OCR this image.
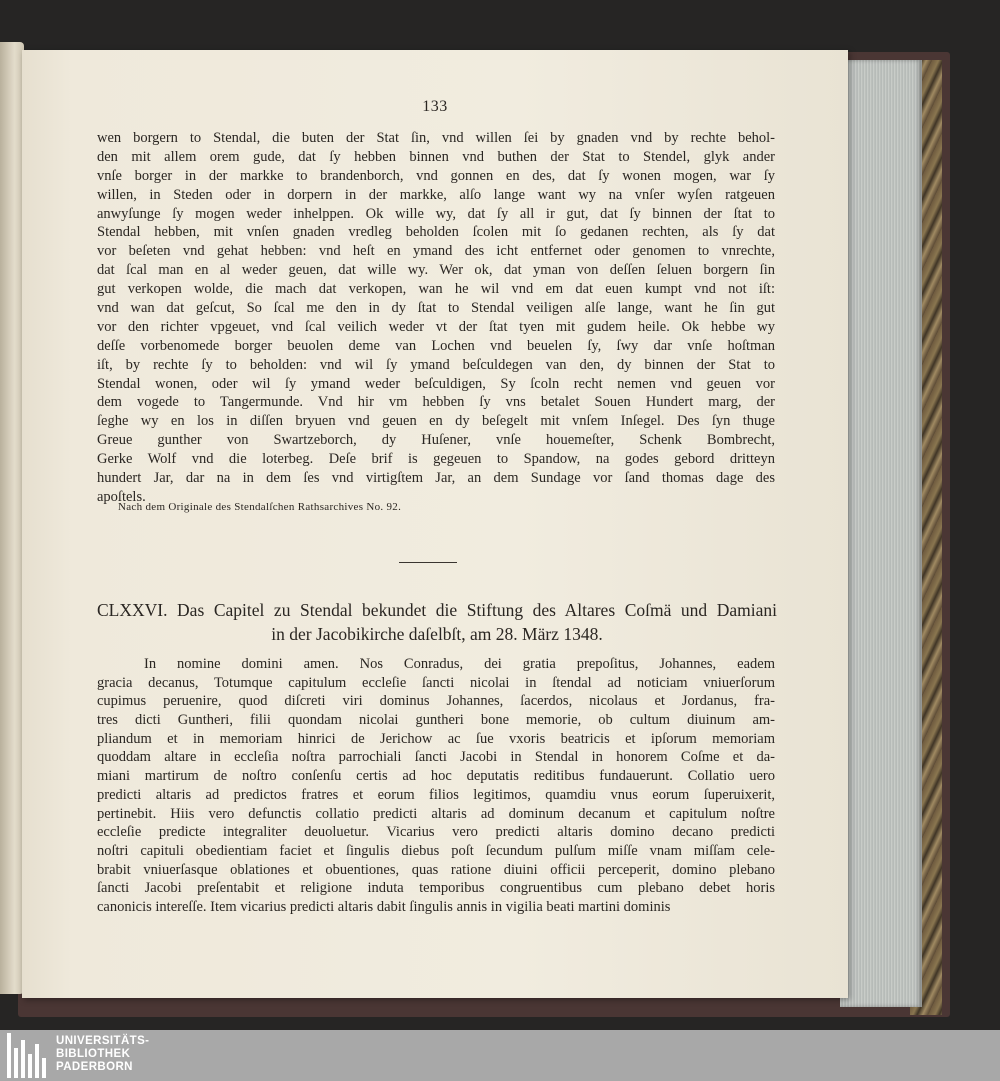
133
wen borgern to Stendal, die buten der Stat ſin, vnd willen ſei by gnaden vnd by rechte behol-
den mit allem orem gude, dat ſy hebben binnen vnd buthen der Stat to Stendel, glyk ander
vnſe borger in der markke to brandenborch, vnd gonnen en des, dat ſy wonen mogen, war ſy
willen, in Steden oder in dorpern in der markke, alſo lange want wy na vnſer wyſen ratgeuen
anwyſunge ſy mogen weder inhelppen. Ok wille wy, dat ſy all ir gut, dat ſy binnen der ſtat to
Stendal hebben, mit vnſen gnaden vredleg beholden ſcolen mit ſo gedanen rechten, als ſy dat
vor beſeten vnd gehat hebben: vnd heſt en ymand des icht entfernet oder genomen to vnrechte,
dat ſcal man en al weder geuen, dat wille wy. Wer ok, dat yman von deſſen ſeluen borgern ſin
gut verkopen wolde, die mach dat verkopen, wan he wil vnd em dat euen kumpt vnd not iſt:
vnd wan dat geſcut, So ſcal me den in dy ſtat to Stendal veiligen alſe lange, want he ſin gut
vor den richter vpgeuet, vnd ſcal veilich weder vt der ſtat tyen mit gudem heile. Ok hebbe wy
deſſe vorbenomede borger beuolen deme van Lochen vnd beuelen ſy, ſwy dar vnſe hoſtman
iſt, by rechte ſy to beholden: vnd wil ſy ymand beſculdegen van den, dy binnen der Stat to
Stendal wonen, oder wil ſy ymand weder beſculdigen, Sy ſcoln recht nemen vnd geuen vor
dem vogede to Tangermunde. Vnd hir vm hebben ſy vns betalet Souen Hundert marg, der
ſeghe wy en los in diſſen bryuen vnd geuen en dy beſegelt mit vnſem Inſegel. Des ſyn thuge
Greue gunther von Swartzeborch, dy Huſener, vnſe houemeſter, Schenk Bombrecht,
Gerke Wolf vnd die loterbeg. Deſe brif is gegeuen to Spandow, na godes gebord dritteyn
hundert Jar, dar na in dem ſes vnd virtigſtem Jar, an dem Sundage vor ſand thomas dage des
apoſtels.
Nach dem Originale des Stendalſchen Rathsarchives No. 92.
CLXXVI. Das Capitel zu Stendal bekundet die Stiftung des Altares Coſmä und Damiani
in der Jacobikirche daſelbſt, am 28. März 1348.
In nomine domini amen. Nos Conradus, dei gratia prepoſitus, Johannes, eadem
gracia decanus, Totumque capitulum eccleſie ſancti nicolai in ſtendal ad noticiam vniuerſorum
cupimus peruenire, quod diſcreti viri dominus Johannes, ſacerdos, nicolaus et Jordanus, fra-
tres dicti Guntheri, filii quondam nicolai guntheri bone memorie, ob cultum diuinum am-
pliandum et in memoriam hinrici de Jerichow ac ſue vxoris beatricis et ipſorum memoriam
quoddam altare in eccleſia noſtra parrochiali ſancti Jacobi in Stendal in honorem Coſme et da-
miani martirum de noſtro conſenſu certis ad hoc deputatis reditibus fundauerunt. Collatio uero
predicti altaris ad predictos fratres et eorum filios legitimos, quamdiu vnus eorum ſuperuixerit,
pertinebit. Hiis vero defunctis collatio predicti altaris ad dominum decanum et capitulum noſtre
eccleſie predicte integraliter deuoluetur. Vicarius vero predicti altaris domino decano predicti
noſtri capituli obedientiam faciet et ſingulis diebus poſt ſecundum pulſum miſſe vnam miſſam cele-
brabit vniuerſasque oblationes et obuentiones, quas ratione diuini officii perceperit, domino plebano
ſancti Jacobi preſentabit et religione induta temporibus congruentibus cum plebano debet horis
canonicis intereſſe. Item vicarius predicti altaris dabit ſingulis annis in vigilia beati martini dominis
UNIVERSITÄTS-
BIBLIOTHEK
PADERBORN
